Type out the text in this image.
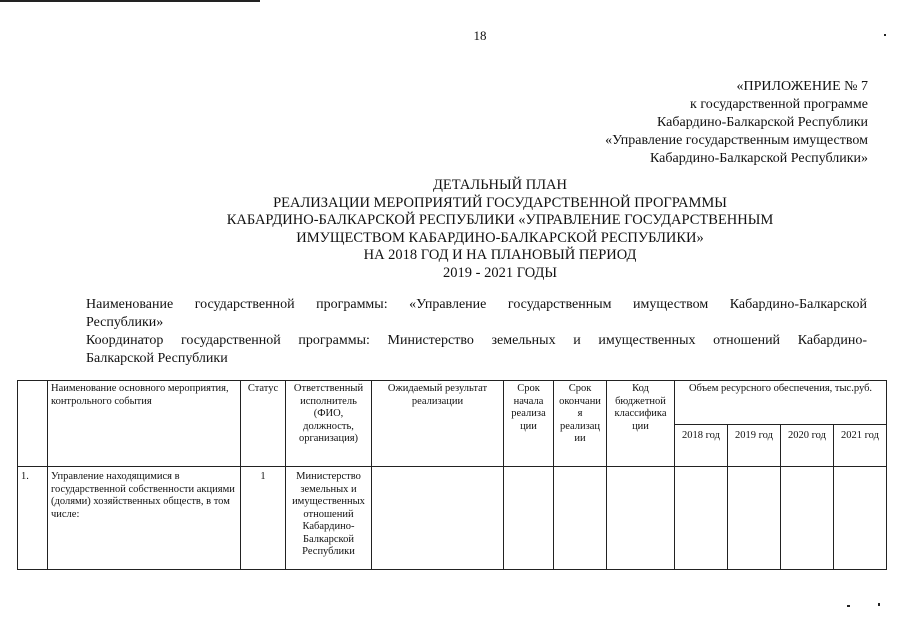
18
«ПРИЛОЖЕНИЕ № 7
к государственной программе
Кабардино-Балкарской Республики
«Управление государственным имуществом
Кабардино-Балкарской Республики»
ДЕТАЛЬНЫЙ ПЛАН
РЕАЛИЗАЦИИ МЕРОПРИЯТИЙ ГОСУДАРСТВЕННОЙ ПРОГРАММЫ
КАБАРДИНО-БАЛКАРСКОЙ РЕСПУБЛИКИ «УПРАВЛЕНИЕ ГОСУДАРСТВЕННЫМ
ИМУЩЕСТВОМ КАБАРДИНО-БАЛКАРСКОЙ РЕСПУБЛИКИ»
НА 2018 ГОД И НА ПЛАНОВЫЙ ПЕРИОД
2019 - 2021 ГОДЫ
Наименование государственной программы: «Управление государственным имуществом Кабардино-Балкарской
Республики»
Координатор государственной программы: Министерство земельных и имущественных отношений Кабардино-
Балкарской Республики
	Наименование основного мероприятия, контрольного события	Статус	Ответственный исполнитель (ФИО, должность, организация)	Ожидаемый результат реализации	Срок начала реализа ции	Срок окончани я реализац ии	Код бюджетной классифика ции	Объем ресурсного обеспечения, тыс.руб.			
								2018 год	2019 год	2020 год	2021 год
1.	Управление находящимися в государственной собственности акциями (долями) хозяйственных обществ, в том числе:	1	Министерство земельных и имущественных отношений Кабардино-Балкарской Республики								
